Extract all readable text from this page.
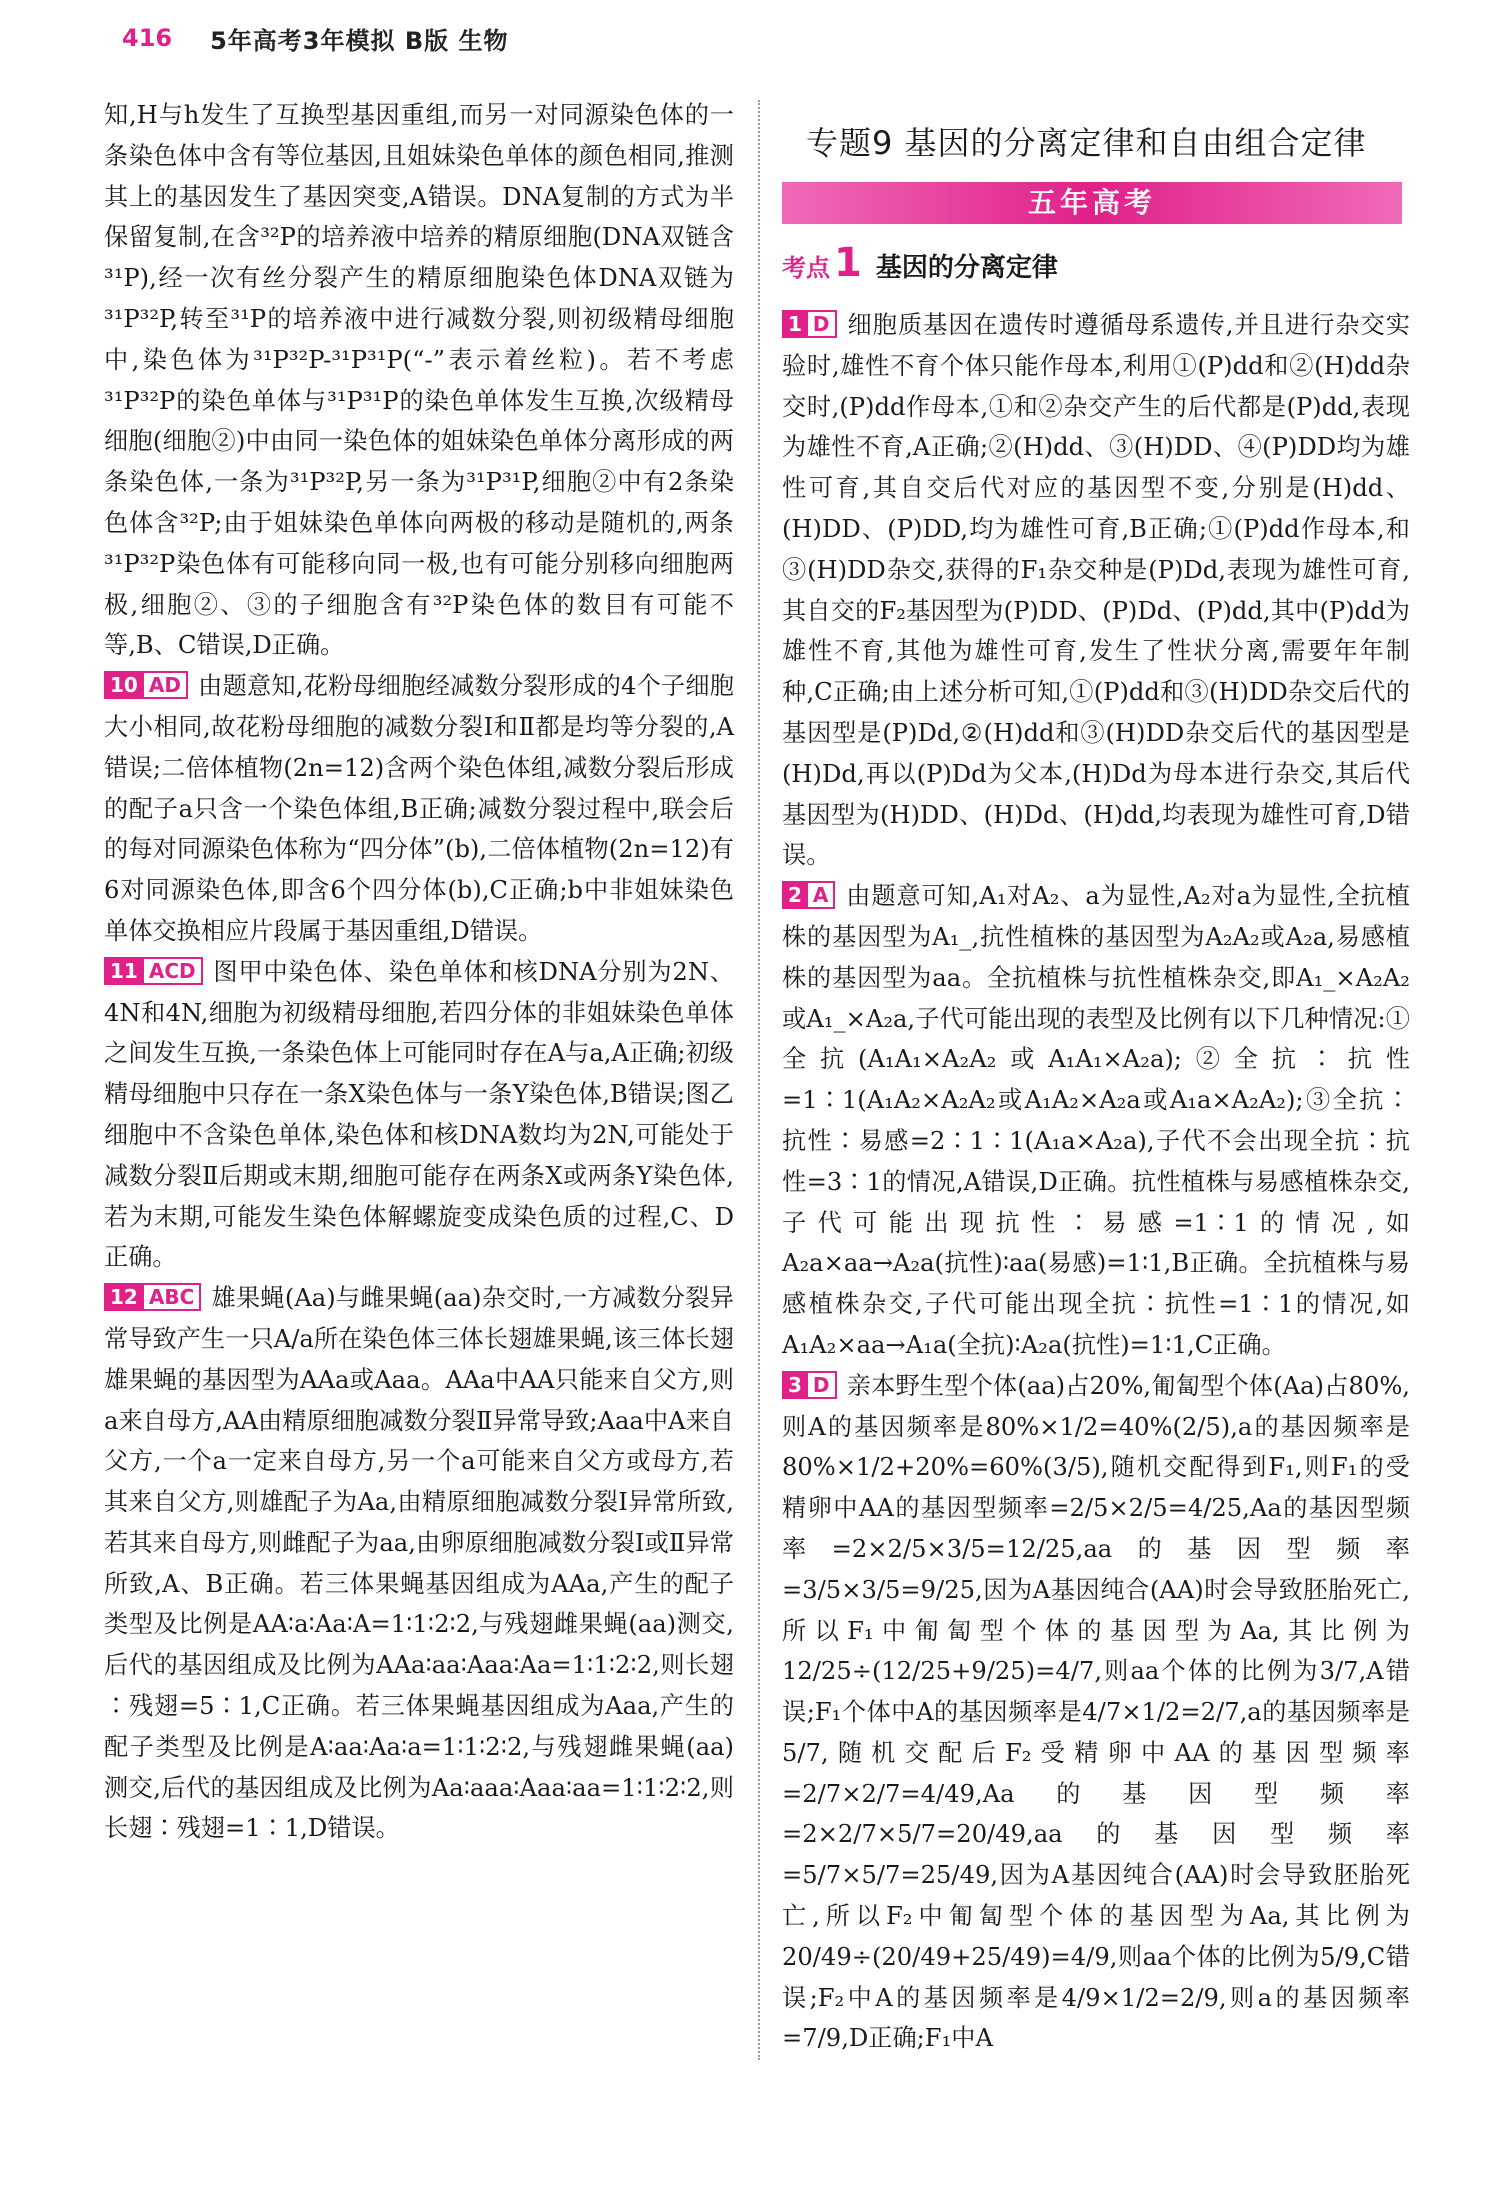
416 5年高考3年模拟 B版 生物

知,H与h发生了互换型基因重组,而另一对同源染色体的一条染色体中含有等位基因,且姐妹染色单体的颜色相同,推测其上的基因发生了基因突变,A错误。DNA复制的方式为半保留复制,在含³²P的培养液中培养的精原细胞(DNA双链含³¹P),经一次有丝分裂产生的精原细胞染色体DNA双链为³¹P³²P,转至³¹P的培养液中进行减数分裂,则初级精母细胞中,染色体为³¹P³²P-³¹P³¹P(“-”表示着丝粒)。若不考虑³¹P³²P的染色单体与³¹P³¹P的染色单体发生互换,次级精母细胞(细胞②)中由同一染色体的姐妹染色单体分离形成的两条染色体,一条为³¹P³²P,另一条为³¹P³¹P,细胞②中有2条染色体含³²P;由于姐妹染色单体向两极的移动是随机的,两条³¹P³²P染色体有可能移向同一极,也有可能分别移向细胞两极,细胞②、③的子细胞含有³²P染色体的数目有可能不等,B、C错误,D正确。

10 AD 由题意知,花粉母细胞经减数分裂形成的4个子细胞大小相同,故花粉母细胞的减数分裂Ⅰ和Ⅱ都是均等分裂的,A错误;二倍体植物(2n=12)含两个染色体组,减数分裂后形成的配子a只含一个染色体组,B正确;减数分裂过程中,联会后的每对同源染色体称为“四分体”(b),二倍体植物(2n=12)有6对同源染色体,即含6个四分体(b),C正确;b中非姐妹染色单体交换相应片段属于基因重组,D错误。

11 ACD 图甲中染色体、染色单体和核DNA分别为2N、4N和4N,细胞为初级精母细胞,若四分体的非姐妹染色单体之间发生互换,一条染色体上可能同时存在A与a,A正确;初级精母细胞中只存在一条X染色体与一条Y染色体,B错误;图乙细胞中不含染色单体,染色体和核DNA数均为2N,可能处于减数分裂Ⅱ后期或末期,细胞可能存在两条X或两条Y染色体,若为末期,可能发生染色体解螺旋变成染色质的过程,C、D正确。

12 ABC 雄果蝇(Aa)与雌果蝇(aa)杂交时,一方减数分裂异常导致产生一只A/a所在染色体三体长翅雄果蝇,该三体长翅雄果蝇的基因型为AAa或Aaa。AAa中AA只能来自父方,则a来自母方,AA由精原细胞减数分裂Ⅱ异常导致;Aaa中A来自父方,一个a一定来自母方,另一个a可能来自父方或母方,若其来自父方,则雄配子为Aa,由精原细胞减数分裂Ⅰ异常所致,若其来自母方,则雌配子为aa,由卵原细胞减数分裂Ⅰ或Ⅱ异常所致,A、B正确。若三体果蝇基因组成为AAa,产生的配子类型及比例是AA∶a∶Aa∶A=1∶1∶2∶2,与残翅雌果蝇(aa)测交,后代的基因组成及比例为AAa∶aa∶Aaa∶Aa=1∶1∶2∶2,则长翅∶残翅=5∶1,C正确。若三体果蝇基因组成为Aaa,产生的配子类型及比例是A∶aa∶Aa∶a=1∶1∶2∶2,与残翅雌果蝇(aa)测交,后代的基因组成及比例为Aa∶aaa∶Aaa∶aa=1∶1∶2∶2,则长翅∶残翅=1∶1,D错误。

专题9 基因的分离定律和自由组合定律
五年高考
考点 1 基因的分离定律

1 D 细胞质基因在遗传时遵循母系遗传,并且进行杂交实验时,雄性不育个体只能作母本,利用①(P)dd和②(H)dd杂交时,(P)dd作母本,①和②杂交产生的后代都是(P)dd,表现为雄性不育,A正确;②(H)dd、③(H)DD、④(P)DD均为雄性可育,其自交后代对应的基因型不变,分别是(H)dd、(H)DD、(P)DD,均为雄性可育,B正确;①(P)dd作母本,和③(H)DD杂交,获得的F₁杂交种是(P)Dd,表现为雄性可育,其自交的F₂基因型为(P)DD、(P)Dd、(P)dd,其中(P)dd为雄性不育,其他为雄性可育,发生了性状分离,需要年年制种,C正确;由上述分析可知,①(P)dd和③(H)DD杂交后代的基因型是(P)Dd,②(H)dd和③(H)DD杂交后代的基因型是(H)Dd,再以(P)Dd为父本,(H)Dd为母本进行杂交,其后代基因型为(H)DD、(H)Dd、(H)dd,均表现为雄性可育,D错误。

2 A 由题意可知,A₁对A₂、a为显性,A₂对a为显性,全抗植株的基因型为A₁_,抗性植株的基因型为A₂A₂或A₂a,易感植株的基因型为aa。全抗植株与抗性植株杂交,即A₁_×A₂A₂或A₁_×A₂a,子代可能出现的表型及比例有以下几种情况:①全抗(A₁A₁×A₂A₂或A₁A₁×A₂a);②全抗∶抗性=1∶1(A₁A₂×A₂A₂或A₁A₂×A₂a或A₁a×A₂A₂);③全抗∶抗性∶易感=2∶1∶1(A₁a×A₂a),子代不会出现全抗∶抗性=3∶1的情况,A错误,D正确。抗性植株与易感植株杂交,子代可能出现抗性∶易感=1∶1的情况,如A₂a×aa→A₂a(抗性)∶aa(易感)=1∶1,B正确。全抗植株与易感植株杂交,子代可能出现全抗∶抗性=1∶1的情况,如A₁A₂×aa→A₁a(全抗)∶A₂a(抗性)=1∶1,C正确。

3 D 亲本野生型个体(aa)占20%,匍匐型个体(Aa)占80%,则A的基因频率是80%×1/2=40%(2/5),a的基因频率是80%×1/2+20%=60%(3/5),随机交配得到F₁,则F₁的受精卵中AA的基因型频率=2/5×2/5=4/25,Aa的基因型频率=2×2/5×3/5=12/25,aa的基因型频率=3/5×3/5=9/25,因为A基因纯合(AA)时会导致胚胎死亡,所以F₁中匍匐型个体的基因型为Aa,其比例为12/25÷(12/25+9/25)=4/7,则aa个体的比例为3/7,A错误;F₁个体中A的基因频率是4/7×1/2=2/7,a的基因频率是5/7,随机交配后F₂受精卵中AA的基因型频率=2/7×2/7=4/49,Aa的基因型频率=2×2/7×5/7=20/49,aa的基因型频率=5/7×5/7=25/49,因为A基因纯合(AA)时会导致胚胎死亡,所以F₂中匍匐型个体的基因型为Aa,其比例为20/49÷(20/49+25/49)=4/9,则aa个体的比例为5/9,C错误;F₂中A的基因频率是4/9×1/2=2/9,则a的基因频率=7/9,D正确;F₁中A
